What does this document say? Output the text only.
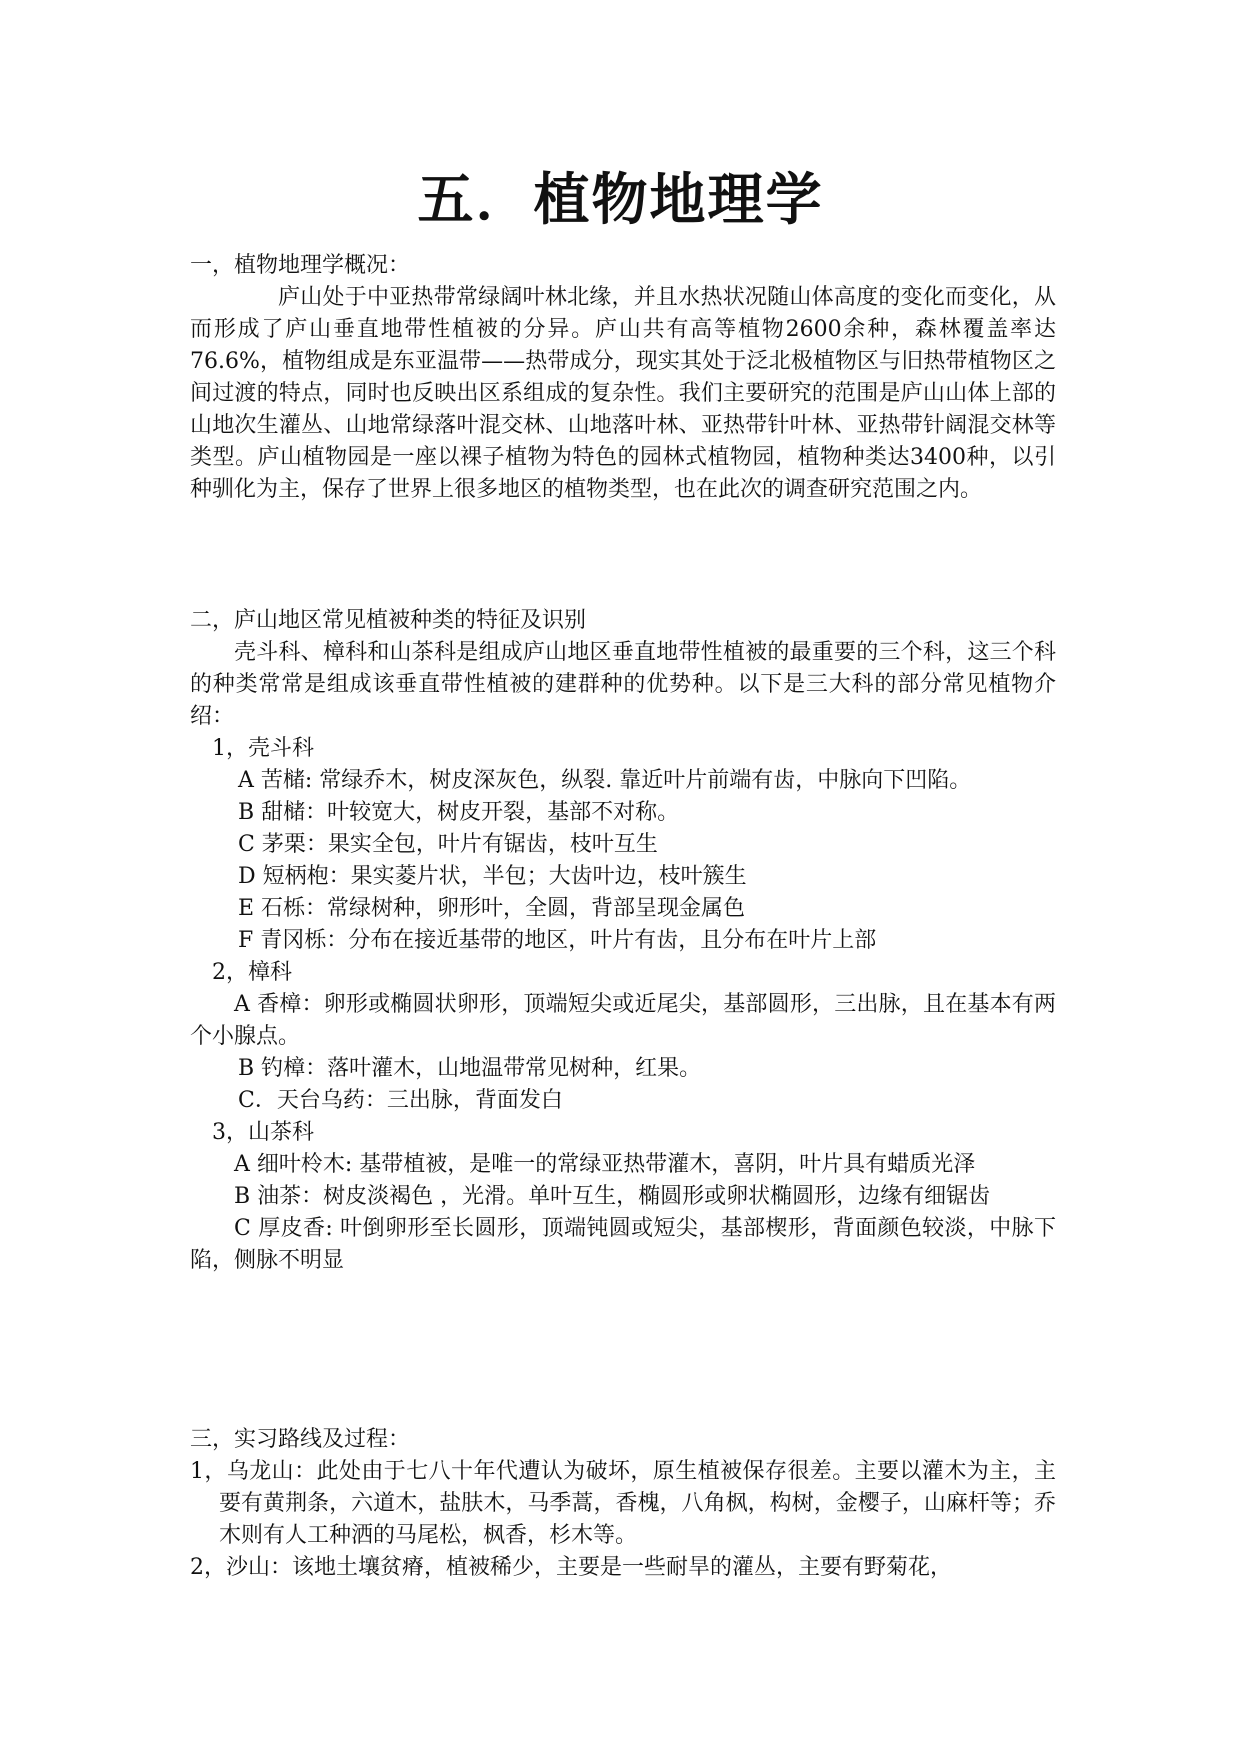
五．植物地理学

一，植物地理学概况：

庐山处于中亚热带常绿阔叶林北缘，并且水热状况随山体高度的变化而变化，从而形成了庐山垂直地带性植被的分异。庐山共有高等植物2600余种，森林覆盖率达76.6%，植物组成是东亚温带——热带成分，现实其处于泛北极植物区与旧热带植物区之间过渡的特点，同时也反映出区系组成的复杂性。我们主要研究的范围是庐山山体上部的山地次生灌丛、山地常绿落叶混交林、山地落叶林、亚热带针叶林、亚热带针阔混交林等类型。庐山植物园是一座以裸子植物为特色的园林式植物园，植物种类达3400种，以引种驯化为主，保存了世界上很多地区的植物类型，也在此次的调查研究范围之内。

二，庐山地区常见植被种类的特征及识别

壳斗科、樟科和山茶科是组成庐山地区垂直地带性植被的最重要的三个科，这三个科的种类常常是组成该垂直带性植被的建群种的优势种。以下是三大科的部分常见植物介绍：

1，壳斗科

A 苦槠: 常绿乔木，树皮深灰色，纵裂. 靠近叶片前端有齿，中脉向下凹陷。

B 甜槠：叶较宽大，树皮开裂，基部不对称。

C 茅栗：果实全包，叶片有锯齿，枝叶互生

D 短柄枹：果实菱片状，半包；大齿叶边，枝叶簇生

E 石栎：常绿树种，卵形叶，全圆，背部呈现金属色

F 青冈栎：分布在接近基带的地区，叶片有齿，且分布在叶片上部

2，樟科

A 香樟：卵形或椭圆状卵形，顶端短尖或近尾尖，基部圆形，三出脉，且在基本有两个小腺点。

B 钓樟：落叶灌木，山地温带常见树种，红果。

C．天台乌药：三出脉，背面发白

3，山茶科

A 细叶柃木: 基带植被，是唯一的常绿亚热带灌木，喜阴，叶片具有蜡质光泽

B 油茶：树皮淡褐色 ，光滑。单叶互生，椭圆形或卵状椭圆形，边缘有细锯齿

C 厚皮香: 叶倒卵形至长圆形，顶端钝圆或短尖，基部楔形，背面颜色较淡，中脉下陷，侧脉不明显

三，实习路线及过程：

1，乌龙山：此处由于七八十年代遭认为破坏，原生植被保存很差。主要以灌木为主，主要有黄荆条，六道木，盐肤木，马季蒿，香槐，八角枫，构树，金樱子，山麻杆等；乔木则有人工种洒的马尾松，枫香，杉木等。

2，沙山：该地土壤贫瘠，植被稀少，主要是一些耐旱的灌丛，主要有野菊花，
